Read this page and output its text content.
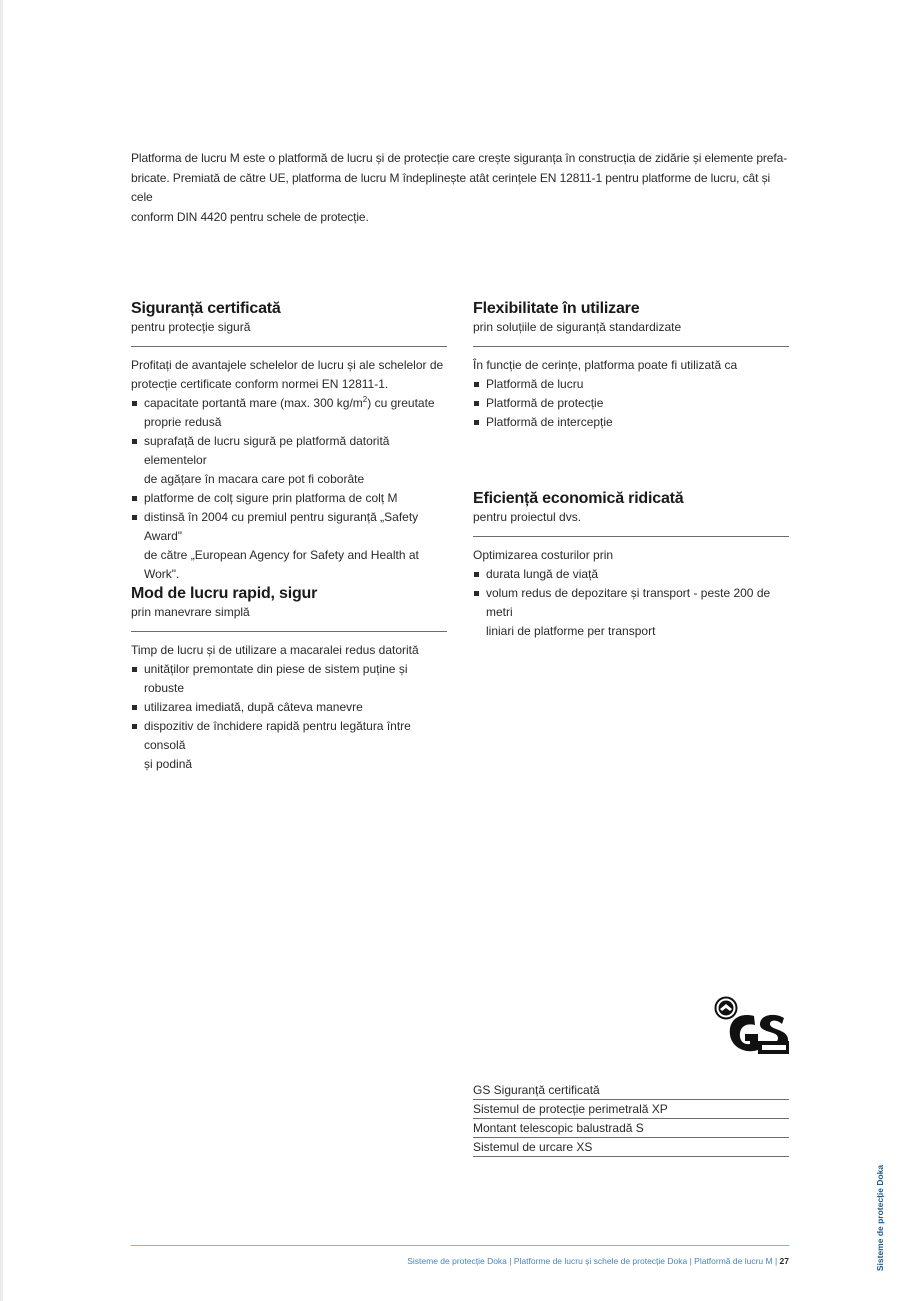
Platforma de lucru M este o platformă de lucru și de protecție care crește siguranța în construcția de zidărie și elemente prefa-

bricate. Premiată de către UE, platforma de lucru M îndeplinește atât cerințele EN 12811-1 pentru platforme de lucru, cât și cele

conform DIN 4420 pentru schele de protecție.

Siguranță certificată

pentru protecție sigură

Profitați de avantajele schelelor de lucru și ale schelelor de
protecție certificate conform normei EN 12811-1.

capacitate portantă mare (max. 300 $kg/m^2$) cu greutate
proprie redusă
suprafață de lucru sigură pe platformă datorită elementelor
de agățare în macara care pot fi coborâte
platforme de colț sigure prin platforma de colț M
distinsă în 2004 cu premiul pentru siguranță „Safety Award"
de către „European Agency for Safety and Health at Work".
Flexibilitate în utilizare

prin soluțiile de siguranță standardizate

În funcție de cerințe, platforma poate fi utilizată ca

Platformă de lucru
Platformă de protecție
Platformă de intercepție
Mod de lucru rapid, sigur

prin manevrare simplă

Timp de lucru și de utilizare a macaralei redus datorită

unităților premontate din piese de sistem puține și robuste
utilizarea imediată, după câteva manevre
dispozitiv de închidere rapidă pentru legătura între consolă
și podină
Eficiență economică ridicată

pentru proiectul dvs.

Optimizarea costurilor prin

durata lungă de viață
volum redus de depozitare și transport - peste 200 de metri
liniari de platforme per transport
GS Siguranță certificată
Sistemul de protecție perimetrală XP
Montant telescopic balustradă S
Sistemul de urcare XS
Sisteme de protecție Doka | Platforme de lucru și schele de protecție Doka | Platformă de lucru M | 27	Sisteme de protecție Doka
